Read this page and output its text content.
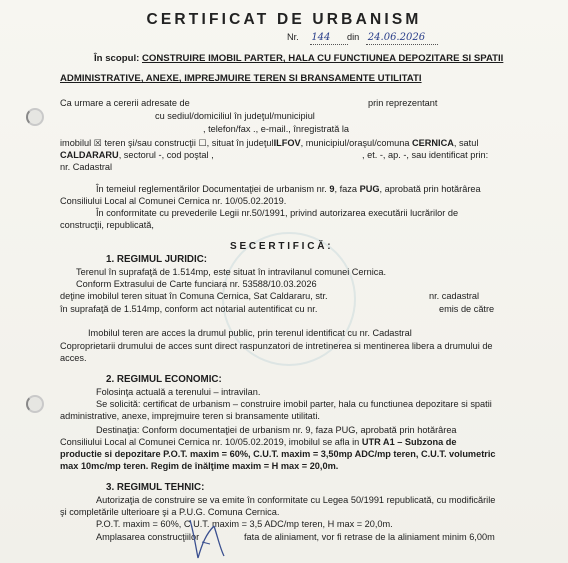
CERTIFICAT DE URBANISM
Nr. 144 din 24.06.2026
În scopul: CONSTRUIRE IMOBIL PARTER, HALA CU FUNCTIUNEA DEPOZITARE SI SPATII
ADMINISTRATIVE, ANEXE, IMPREJMUIRE TEREN SI BRANSAMENTE UTILITATI
Ca urmare a cererii adresate de	prin reprezentant
cu sediul/domiciliul în judeţul/municipiul
, telefon/fax ., e-mail., înregistrată la
imobilul ☒ teren şi/sau construcţii ☐, situat în judeţulILFOV, municipiul/oraşul/comuna CERNICA, satul
CALDARARU, sectorul -, cod poştal ,	, et. -, ap. -, sau identificat prin:
nr. Cadastral
În temeiul reglementărilor Documentaţiei de urbanism nr. 9, faza PUG, aprobată prin hotărârea
Consiliului Local al Comunei Cernica nr. 10/05.02.2019.
În conformitate cu prevederile Legii nr.50/1991, privind autorizarea executării lucrărilor de
construcţii, republicată,
S E C E R T I F I C Ă :
1. REGIMUL JURIDIC:
Terenul în suprafaţă de 1.514mp, este situat în intravilanul comunei Cernica.
Conform Extrasului de Carte funciara nr. 53588/10.03.2026
deţine imobilul teren situat în Comuna Cernica, Sat Caldararu, str.	nr. cadastral
în suprafaţă de 1.514mp, conform act notarial autentificat cu nr.	emis de către
Imobilul teren are acces la drumul public, prin terenul identificat cu nr. Cadastral
Coproprietarii drumului de acces sunt direct raspunzatori de intretinerea si mentinerea libera a drumului de
acces.
2. REGIMUL ECONOMIC:
Folosinţa actuală a terenului – intravilan.
Se solicită: certificat de urbanism – construire imobil parter, hala cu functiunea depozitare si spatii
administrative, anexe, imprejmuire teren si bransamente utilitati.
Destinaţia: Conform documentaţiei de urbanism nr. 9, faza PUG, aprobată prin hotărârea
Consiliului Local al Comunei Cernica nr. 10/05.02.2019, imobilul se afla in UTR A1 – Subzona de
productie si depozitare P.O.T. maxim = 60%, C.U.T. maxim = 3,50mp ADC/mp teren, C.U.T. volumetric
max 10mc/mp teren. Regim de înălţime maxim = H max = 20,0m.
3. REGIMUL TEHNIC:
Autorizaţia de construire se va emite în conformitate cu Legea 50/1991 republicată, cu modificările
şi completările ulterioare şi a P.U.G. Comuna Cernica.
P.O.T. maxim = 60%, C.U.T. maxim = 3,5 ADC/mp teren, H max = 20,0m.
Amplasarea construcţiilor	fata de aliniament, vor fi retrase de la aliniament minim 6,00m
